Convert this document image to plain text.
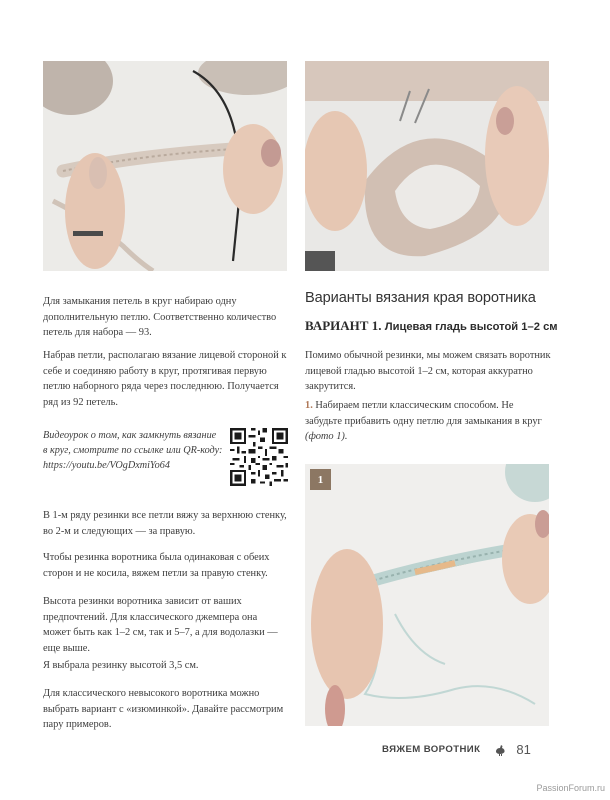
Для замыкания петель в круг набираю одну дополнительную петлю. Соответственно количество петель для набора — 93.

Набрав петли, располагаю вязание лицевой стороной к себе и соединяю работу в круг, протягивая первую петлю наборного ряда через последнюю. Получается ряд из 92 петель.

Видеоурок о том, как замкнуть вязание в круг, смотрите по ссылке или QR-коду:
https://youtu.be/VOgDxmiYo64

В 1-м ряду резинки все петли вяжу за верхнюю стенку, во 2-м и следующих — за правую.

Чтобы резинка воротника была одинаковая с обеих сторон и не косила, вяжем петли за правую стенку.

Высота резинки воротника зависит от ваших предпочтений. Для классического джемпера она может быть как 1–2 см, так и 5–7, а для водолазки — еще выше.

Я выбрала резинку высотой 3,5 см.

Для классического невысокого воротника можно выбрать вариант с «изюминкой». Давайте рассмотрим пару примеров.

Варианты вязания края воротника
ВАРИАНТ 1. Лицевая гладь высотой 1–2 см

Помимо обычной резинки, мы можем связать воротник лицевой гладью высотой 1–2 см, которая аккуратно закрутится.

1. Набираем петли классическим способом. Не забудьте прибавить одну петлю для замыкания в круг (фото 1).

1
ВЯЖЕМ ВОРОТНИК	81
PassionForum.ru
